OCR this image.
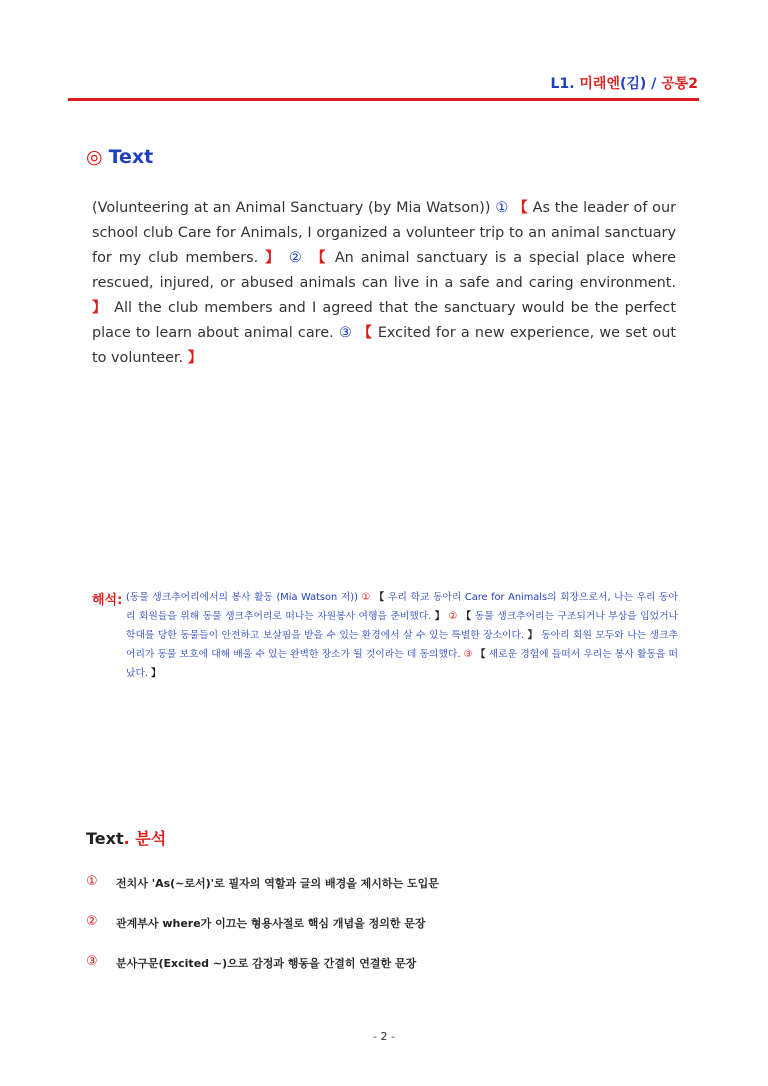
L1. 미래엔(김) / 공통2
◎ Text
(Volunteering at an Animal Sanctuary (by Mia Watson)) ① 【 As the leader of our school club Care for Animals, I organized a volunteer trip to an animal sanctuary for my club members. 】 ② 【 An animal sanctuary is a special place where rescued, injured, or abused animals can live in a safe and caring environment. 】 All the club members and I agreed that the sanctuary would be the perfect place to learn about animal care. ③ 【 Excited for a new experience, we set out to volunteer. 】
해석: (동물 생크추어리에서의 봉사 활동 (Mia Watson 저)) ① 【 우리 학교 동아리 Care for Animals의 회장으로서, 나는 우리 동아리 회원들을 위해 동물 생크추어리로 떠나는 자원봉사 여행을 준비했다. 】 ② 【 동물 생크추어리는 구조되거나 부상을 입었거나 학대를 당한 동물들이 안전하고 보살핌을 받을 수 있는 환경에서 살 수 있는 특별한 장소이다. 】 동아리 회원 모두와 나는 생크추어리가 동물 보호에 대해 배울 수 있는 완벽한 장소가 될 것이라는 데 동의했다. ③ 【 새로운 경험에 들떠서 우리는 봉사 활동을 떠났다. 】
Text. 분석
① 전치사 'As(~로서)'로 필자의 역할과 글의 배경을 제시하는 도입문
② 관계부사 where가 이끄는 형용사절로 핵심 개념을 정의한 문장
③ 분사구문(Excited ~)으로 감정과 행동을 간결히 연결한 문장
- 2 -
